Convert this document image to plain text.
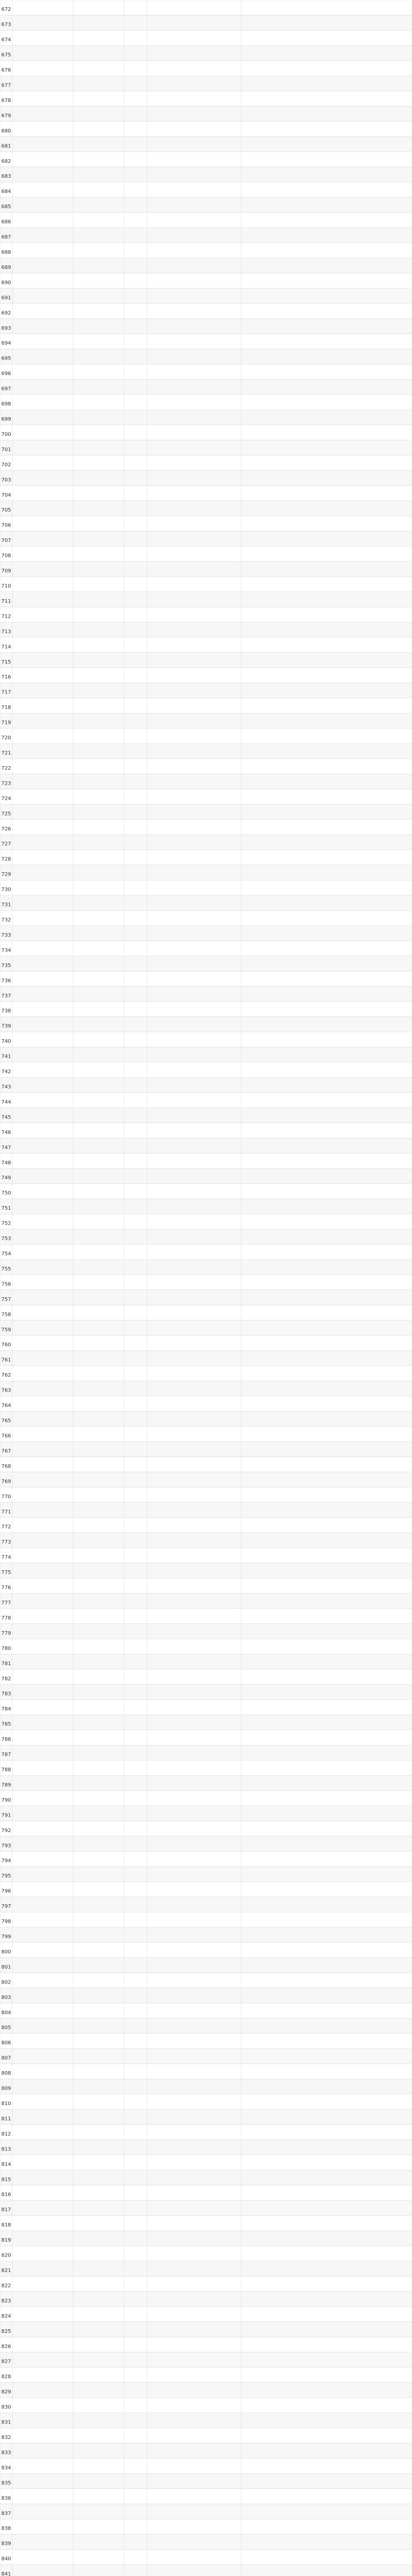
672
673
674
675
676
677
678
679
680
681
682
683
684
685
686
687
688
689
690
691
692
693
694
695
696
697
698
699
700
701
702
703
704
705
706
707
708
709
710
711
712
713
714
715
716
717
718
719
720
721
722
723
724
725
726
727
728
729
730
731
732
733
734
735
736
737
738
739
740
741
742
743
744
745
746
747
748
749
750
751
752
753
754
755
756
757
758
759
760
761
762
763
764
765
766
767
768
769
770
771
772
773
774
775
776
777
778
779
780
781
782
783
784
785
786
787
788
789
790
791
792
793
794
795
796
797
798
799
800
801
802
803
804
805
806
807
808
809
810
811
812
813
814
815
816
817
818
819
820
821
822
823
824
825
826
827
828
829
830
831
832
833
834
835
836
837
838
839
840
841
